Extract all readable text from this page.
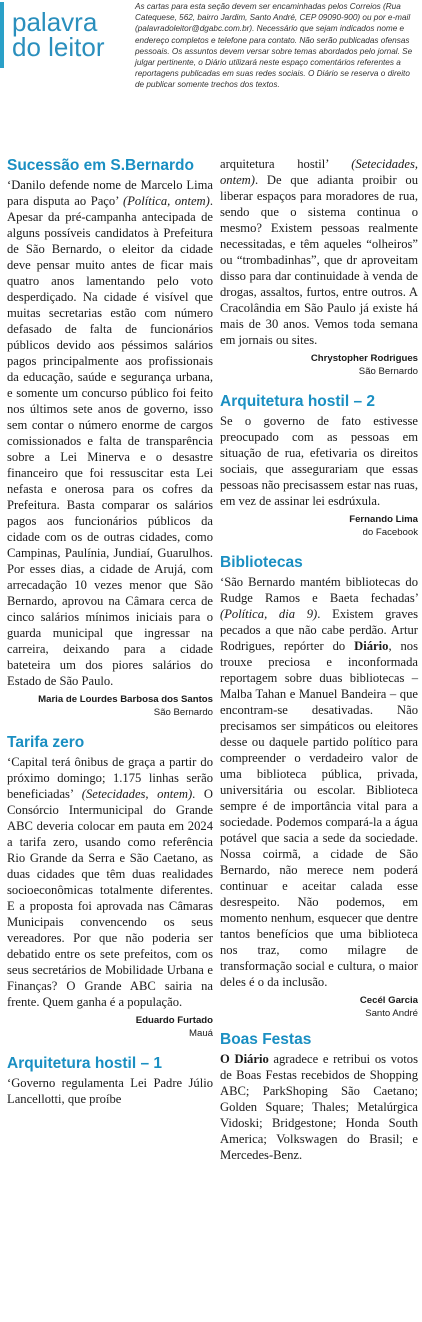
palavra do leitor
As cartas para esta seção devem ser encaminhadas pelos Correios (Rua Catequese, 562, bairro Jardim, Santo André, CEP 09090-900) ou por e-mail (palavradoleitor@dgabc.com.br). Necessário que sejam indicados nome e endereço completos e telefone para contato. Não serão publicadas ofensas pessoais. Os assuntos devem versar sobre temas abordados pelo jornal. Se julgar pertinente, o Diário utilizará neste espaço comentários referentes a reportagens publicadas em suas redes sociais. O Diário se reserva o direito de publicar somente trechos dos textos.
Sucessão em S.Bernardo

‘Danilo defende nome de Marcelo Lima para disputa ao Paço’ (Política, ontem). Apesar da pré-campanha antecipada de alguns possíveis candidatos à Prefeitura de São Bernardo, o eleitor da cidade deve pensar muito antes de ficar mais quatro anos lamentando pelo voto desperdiçado. Na cidade é visível que muitas secretarias estão com número defasado de falta de funcionários públicos devido aos péssimos salários pagos principalmente aos profissionais da educação, saúde e segurança urbana, e somente um concurso público foi feito nos últimos sete anos de governo, isso sem contar o número enorme de cargos comissionados e falta de transparência sobre a Lei Minerva e o desastre financeiro que foi ressuscitar esta Lei nefasta e onerosa para os cofres da Prefeitura. Basta comparar os salários pagos aos funcionários públicos da cidade com os de outras cidades, como Campinas, Paulínia, Jundiaí, Guarulhos. Por esses dias, a cidade de Arujá, com arrecadação 10 vezes menor que São Bernardo, aprovou na Câmara cerca de cinco salários mínimos iniciais para o guarda municipal que ingressar na carreira, deixando para a cidade bateteira um dos piores salários do Estado de São Paulo.

Maria de Lourdes Barbosa dos Santos
São Bernardo
Tarifa zero

‘Capital terá ônibus de graça a partir do próximo domingo; 1.175 linhas serão beneficiadas’ (Setecidades, ontem). O Consórcio Intermunicipal do Grande ABC deveria colocar em pauta em 2024 a tarifa zero, usando como referência Rio Grande da Serra e São Caetano, as duas cidades que têm duas realidades socioeconômicas totalmente diferentes. E a proposta foi aprovada nas Câmaras Municipais convencendo os seus vereadores. Por que não poderia ser debatido entre os sete prefeitos, com os seus secretários de Mobilidade Urbana e Finanças? O Grande ABC sairia na frente. Quem ganha é a população.

Eduardo Furtado
Mauá
Arquitetura hostil – 1

‘Governo regulamenta Lei Padre Júlio Lancellotti, que proíbe

arquitetura hostil’ (Setecidades, ontem). De que adianta proibir ou liberar espaços para moradores de rua, sendo que o sistema continua o mesmo? Existem pessoas realmente necessitadas, e têm aqueles “olheiros” ou “trombadinhas”, que dr aproveitam disso para dar continuidade à venda de drogas, assaltos, furtos, entre outros. A Cracolândia em São Paulo já existe há mais de 30 anos. Vemos toda semana em jornais ou sites.

Chrystopher Rodrigues
São Bernardo
Arquitetura hostil – 2

Se o governo de fato estivesse preocupado com as pessoas em situação de rua, efetivaria os direitos sociais, que assegurariam que essas pessoas não precisassem estar nas ruas, em vez de assinar lei esdrúxula.

Fernando Lima
do Facebook
Bibliotecas

‘São Bernardo mantém bibliotecas do Rudge Ramos e Baeta fechadas’ (Política, dia 9). Existem graves pecados a que não cabe perdão. Artur Rodrigues, repórter do Diário, nos trouxe preciosa e inconformada reportagem sobre duas bibliotecas – Malba Tahan e Manuel Bandeira – que encontram-se desativadas. Não precisamos ser simpáticos ou eleitores desse ou daquele partido político para compreender o verdadeiro valor de uma biblioteca pública, privada, universitária ou escolar. Biblioteca sempre é de importância vital para a sociedade. Podemos compará-la a água potável que sacia a sede da sociedade. Nossa coirmã, a cidade de São Bernardo, não merece nem poderá continuar e aceitar calada esse desrespeito. Não podemos, em momento nenhum, esquecer que dentre tantos benefícios que uma biblioteca nos traz, como milagre de transformação social e cultura, o maior deles é o da inclusão.

Cecél Garcia
Santo André
Boas Festas

O Diário agradece e retribui os votos de Boas Festas recebidos de Shopping ABC; ParkShoping São Caetano; Golden Square; Thales; Metalúrgica Vidoski; Bridgestone; Honda South America; Volkswagen do Brasil; e Mercedes-Benz.
